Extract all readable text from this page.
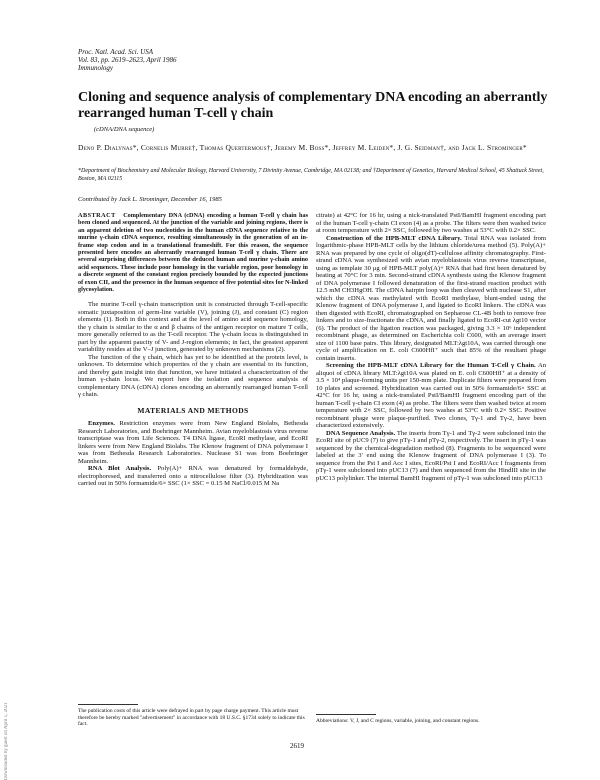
Proc. Natl. Acad. Sci. USA
Vol. 83, pp. 2619–2623, April 1986
Immunology
Cloning and sequence analysis of complementary DNA encoding an aberrantly rearranged human T-cell γ chain
(cDNA/DNA sequence)
Deno P. Dialynas*, Cornelis Murre†, Thomas Quertermous†, Jeremy M. Boss*, Jeffrey M. Leiden*, J. G. Seidman†, and Jack L. Strominger*
*Department of Biochemistry and Molecular Biology, Harvard University, 7 Divinity Avenue, Cambridge, MA 02138; and †Department of Genetics, Harvard Medical School, 45 Shattuck Street, Boston, MA 02115
Contributed by Jack L. Strominger, December 16, 1985

ABSTRACT Complementary DNA (cDNA) encoding a human T-cell γ chain has been cloned and sequenced. At the junction of the variable and joining regions, there is an apparent deletion of two nucleotides in the human cDNA sequence relative to the murine γ-chain cDNA sequence, resulting simultaneously in the generation of an in-frame stop codon and in a translational frameshift. For this reason, the sequence presented here encodes an aberrantly rearranged human T-cell γ chain. There are several surprising differences between the deduced human and murine γ-chain amino acid sequences. These include poor homology in the variable region, poor homology in a discrete segment of the constant region precisely bounded by the expected junctions of exon CII, and the presence in the human sequence of five potential sites for N-linked glycosylation.

The murine T-cell γ-chain transcription unit is constructed through T-cell-specific somatic juxtaposition of germ-line variable (V), joining (J), and constant (C) region elements (1). Both in this context and at the level of amino acid sequence homology, the γ chain is similar to the α and β chains of the antigen receptor on mature T cells, more generally referred to as the T-cell receptor. The γ-chain locus is distinguished in part by the apparent paucity of V- and J-region elements; in fact, the greatest apparent variability resides at the V–J junction, generated by unknown mechanisms (2).

The function of the γ chain, which has yet to be identified at the protein level, is unknown. To determine which properties of the γ chain are essential to its function, and thereby gain insight into that function, we have initiated a characterization of the human γ-chain locus. We report here the isolation and sequence analysis of complementary DNA (cDNA) clones encoding an aberrantly rearranged human T-cell γ chain.

MATERIALS AND METHODS

Enzymes. Restriction enzymes were from New England Biolabs, Bethesda Research Laboratories, and Boehringer Mannheim. Avian myeloblastosis virus reverse transcriptase was from Life Sciences. T4 DNA ligase, EcoRI methylase, and EcoRI linkers were from New England Biolabs. The Klenow fragment of DNA polymerase I was from Bethesda Research Laboratories. Nuclease S1 was from Boehringer Mannheim.

RNA Blot Analysis. Poly(A)+ RNA was denatured by formaldehyde, electrophoresed, and transferred onto a nitrocellulose filter (3). Hybridization was carried out in 50% formamide/6× SSC (1× SSC = 0.15 M NaCl/0.015 M Na

The publication costs of this article were defrayed in part by page charge payment. This article must therefore be hereby marked "advertisement" in accordance with 18 U.S.C. §1734 solely to indicate this fact.

citrate) at 42°C for 16 hr, using a nick-translated PstI/BamHI fragment encoding part of the human T-cell γ-chain CI exon (4) as a probe. The filters were then washed twice at room temperature with 2× SSC, followed by two washes at 53°C with 0.2× SSC.

Construction of the HPB-MLT cDNA Library. Total RNA was isolated from logarithmic-phase HPB-MLT cells by the lithium chloride/urea method (5). Poly(A)+ RNA was prepared by one cycle of oligo(dT)-cellulose affinity chromatography. First-strand cDNA was synthesized with avian myeloblastosis virus reverse transcriptase, using as template 30 μg of HPB-MLT poly(A)+ RNA that had first been denatured by heating at 70°C for 3 min. Second-strand cDNA synthesis using the Klenow fragment of DNA polymerase I followed denaturation of the first-strand reaction product with 12.5 mM CH3HgOH. The cDNA hairpin loop was then cleaved with nuclease S1, after which the cDNA was methylated with EcoRI methylase, blunt-ended using the Klenow fragment of DNA polymerase I, and ligated to EcoRI linkers. The cDNA was then digested with EcoRI, chromatographed on Sepharose CL-4B both to remove free linkers and to size-fractionate the cDNA, and finally ligated to EcoRI-cut λgt10 vector (6). The product of the ligation reaction was packaged, giving 3.3 × 10⁶ independent recombinant phage, as determined on Escherichia coli C600, with an average insert size of 1100 base pairs. This library, designated MLT:λgt10A, was carried through one cycle of amplification on E. coli C600HfI⁺ such that 85% of the resultant phage contain inserts.

Screening the HPB-MLT cDNA Library for the Human T-Cell γ Chain. An aliquot of cDNA library MLT:λgt10A was plated on E. coli C600HfI⁺ at a density of 3.5 × 10⁴ plaque-forming units per 150-mm plate. Duplicate filters were prepared from 10 plates and screened. Hybridization was carried out in 50% formamide/6× SSC at 42°C for 16 hr, using a nick-translated PstI/BamHI fragment encoding part of the human T-cell γ-chain CI exon (4) as probe. The filters were then washed twice at room temperature with 2× SSC, followed by two washes at 53°C with 0.2× SSC. Positive recombinant phage were plaque-purified. Two clones, Tγ-1 and Tγ-2, have been characterized extensively.

DNA Sequence Analysis. The inserts from Tγ-1 and Tγ-2 were subcloned into the EcoRI site of pUC9 (7) to give pTγ-1 and pTγ-2, respectively. The insert in pTγ-1 was sequenced by the chemical-degradation method (8). Fragments to be sequenced were labeled at the 3′ end using the Klenow fragment of DNA polymerase I (3). To sequence from the Pst I and Acc I sites, EcoRI/Pst I and EcoRI/Acc I fragments from pTγ-1 were subcloned into pUC13 (7) and then sequenced from the HindIII site in the pUC13 polylinker. The internal BamHI fragment of pTγ-1 was subcloned into pUC13

Abbreviations: V, J, and C regions, variable, joining, and constant regions.
2619
Downloaded by guest on April 1, 2021
